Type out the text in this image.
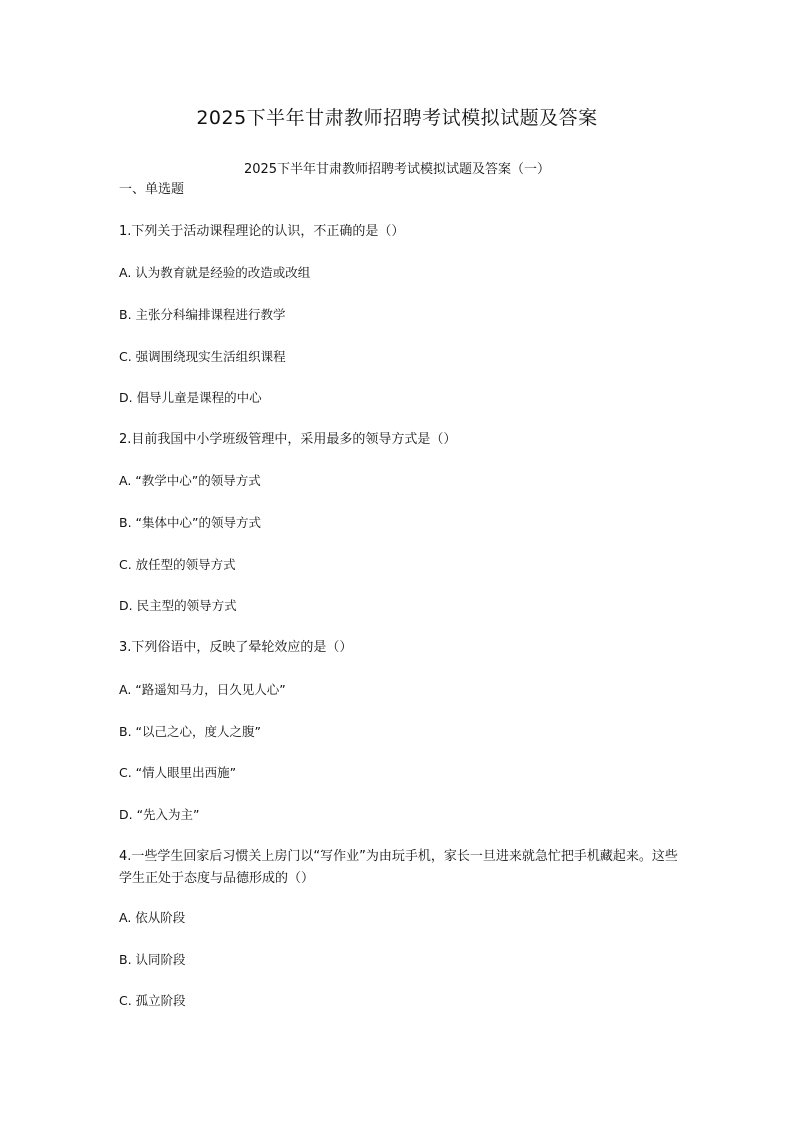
2025下半年甘肃教师招聘考试模拟试题及答案
2025下半年甘肃教师招聘考试模拟试题及答案（一）
一、单选题
1.下列关于活动课程理论的认识，不正确的是（）
A. 认为教育就是经验的改造或改组
B. 主张分科编排课程进行教学
C. 强调围绕现实生活组织课程
D. 倡导儿童是课程的中心
2.目前我国中小学班级管理中，采用最多的领导方式是（）
A. “教学中心”的领导方式
B. “集体中心”的领导方式
C. 放任型的领导方式
D. 民主型的领导方式
3.下列俗语中，反映了晕轮效应的是（）
A. “路遥知马力，日久见人心”
B. “以己之心，度人之腹”
C. “情人眼里出西施”
D. “先入为主”
4.一些学生回家后习惯关上房门以“写作业”为由玩手机，家长一旦进来就急忙把手机藏起来。这些学生正处于态度与品德形成的（）
A. 依从阶段
B. 认同阶段
C. 孤立阶段
